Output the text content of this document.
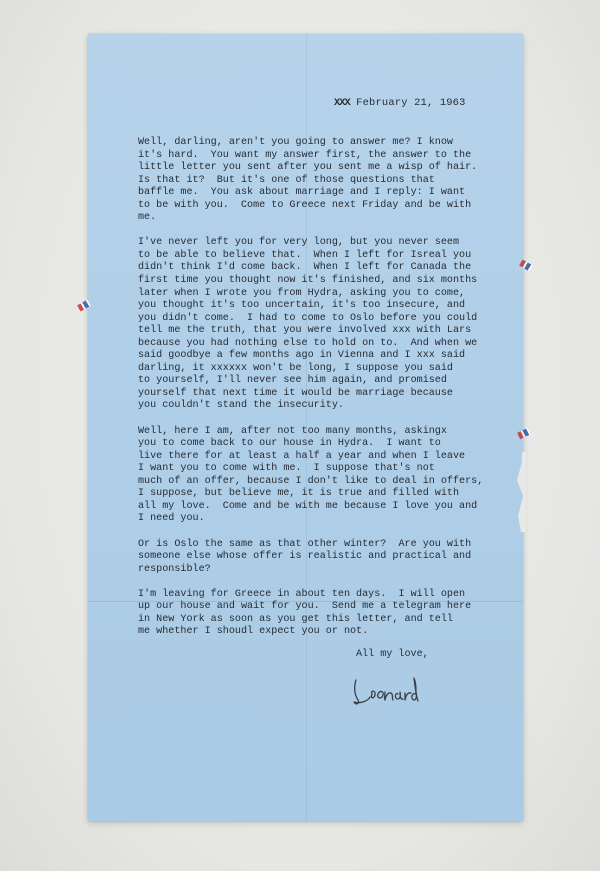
XXX February 21, 1963

Well, darling, aren't you going to answer me? I know
it's hard.  You want my answer first, the answer to the
little letter you sent after you sent me a wisp of hair.
Is that it?  But it's one of those questions that
baffle me.  You ask about marriage and I reply: I want
to be with you.  Come to Greece next Friday and be with
me.

I've never left you for very long, but you never seem
to be able to believe that.  When I left for Isreal you
didn't think I'd come back.  When I left for Canada the
first time you thought now it's finished, and six months
later when I wrote you from Hydra, asking you to come,
you thought it's too uncertain, it's too insecure, and
you didn't come.  I had to come to Oslo before you could
tell me the truth, that you were involved xxx with Lars
because you had nothing else to hold on to.  And when we
said goodbye a few months ago in Vienna and I xxx said
darling, it xxxxxx won't be long, I suppose you said
to yourself, I'll never see him again, and promised
yourself that next time it would be marriage because
you couldn't stand the insecurity.

Well, here I am, after not too many months, askingx
you to come back to our house in Hydra.  I want to
live there for at least a half a year and when I leave
I want you to come with me.  I suppose that's not
much of an offer, because I don't like to deal in offers,
I suppose, but believe me, it is true and filled with
all my love.  Come and be with me because I love you and
I need you.

Or is Oslo the same as that other winter?  Are you with
someone else whose offer is realistic and practical and
responsible?

I'm leaving for Greece in about ten days.  I will open
up our house and wait for you.  Send me a telegram here
in New York as soon as you get this letter, and tell
me whether I shoudl expect you or not.

All my love,
